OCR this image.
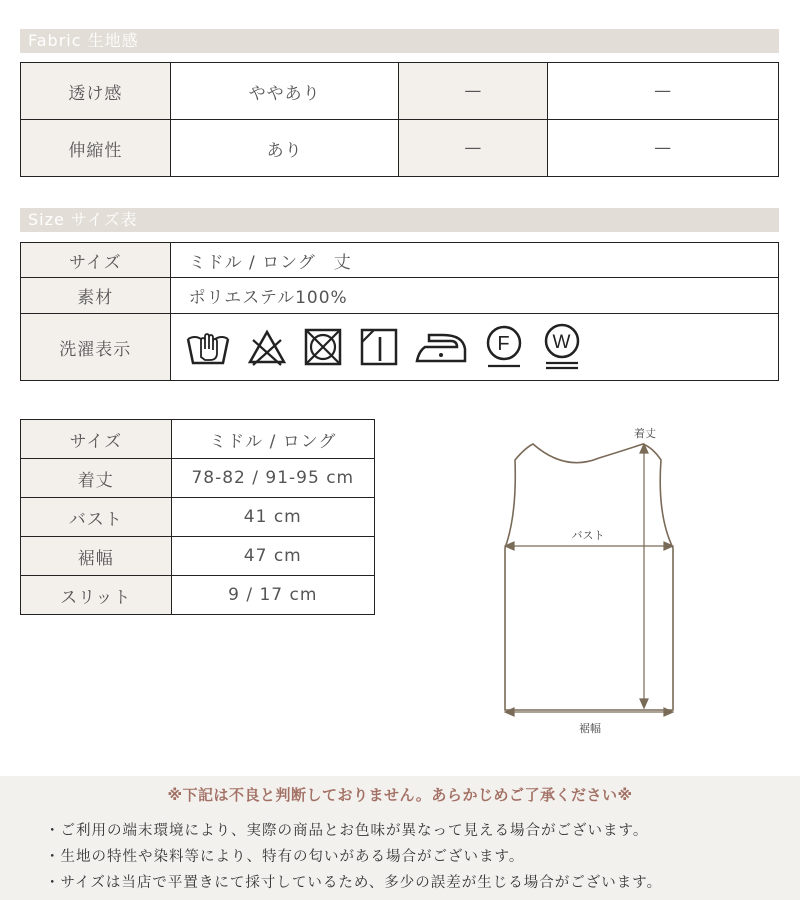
Fabric 生地感
透け感	ややあり	—	—
伸縮性	あり	—	—
Size サイズ表
サイズ	ミドル / ロング　丈
素材	ポリエステル100%
洗濯表示	F W
サイズ	ミドル / ロング
着丈	78-82 / 91-95 cm
バスト	41 cm
裾幅	47 cm
スリット	9 / 17 cm
着丈
バスト
裾幅
※下記は不良と判断しておりません。あらかじめご了承ください※
・ご利用の端末環境により、実際の商品とお色味が異なって見える場合がございます。
・生地の特性や染料等により、特有の匂いがある場合がございます。
・サイズは当店で平置きにて採寸しているため、多少の誤差が生じる場合がございます。
